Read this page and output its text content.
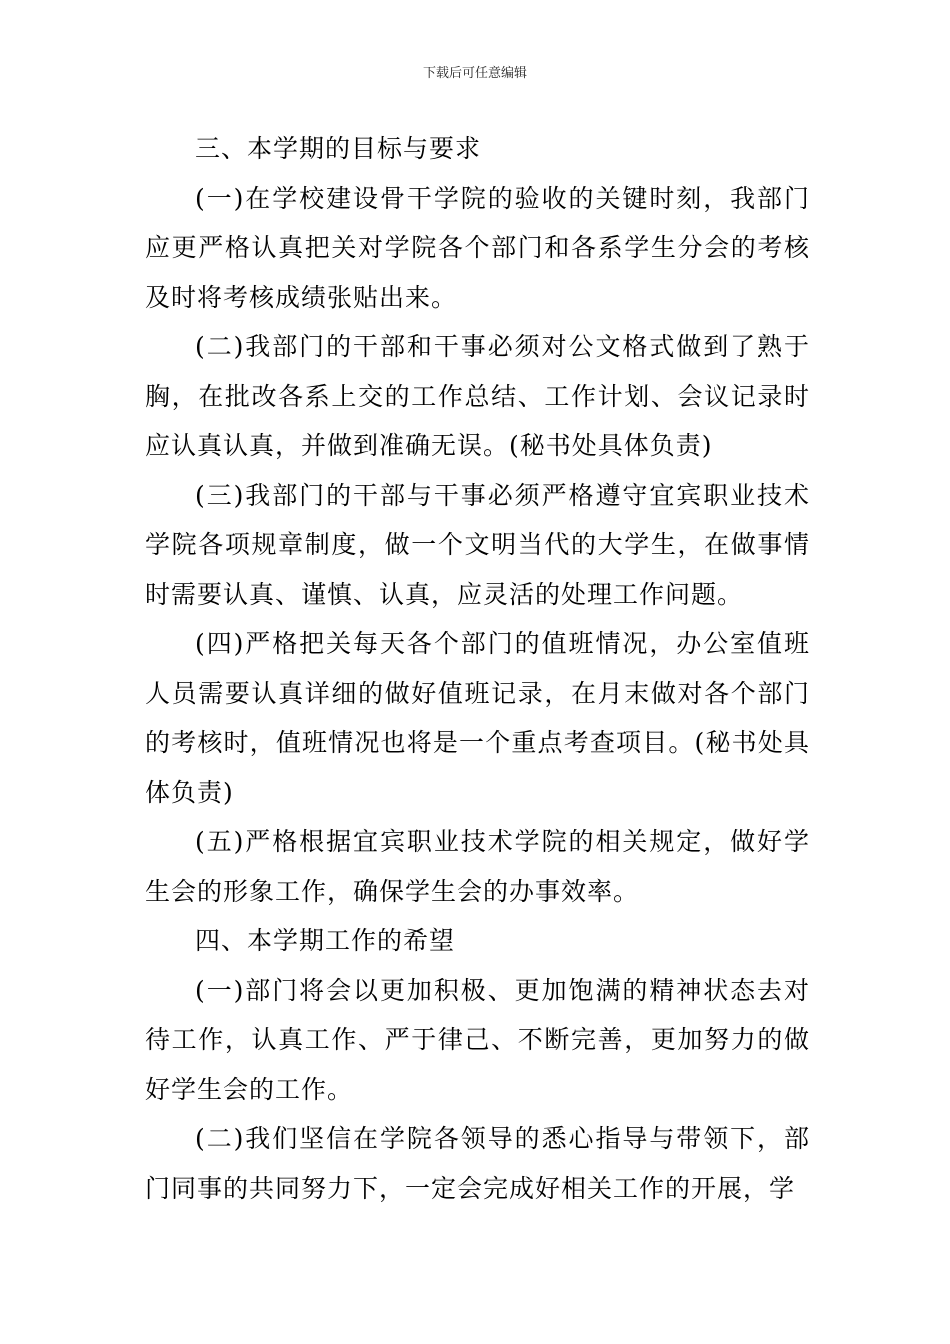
下载后可任意编辑

三、本学期的目标与要求

(一)在学校建设骨干学院的验收的关键时刻，我部门应更严格认真把关对学院各个部门和各系学生分会的考核及时将考核成绩张贴出来。

(二)我部门的干部和干事必须对公文格式做到了熟于胸，在批改各系上交的工作总结、工作计划、会议记录时应认真认真，并做到准确无误。(秘书处具体负责)

(三)我部门的干部与干事必须严格遵守宜宾职业技术学院各项规章制度，做一个文明当代的大学生，在做事情时需要认真、谨慎、认真，应灵活的处理工作问题。

(四)严格把关每天各个部门的值班情况，办公室值班人员需要认真详细的做好值班记录，在月末做对各个部门的考核时，值班情况也将是一个重点考查项目。(秘书处具体负责)

(五)严格根据宜宾职业技术学院的相关规定，做好学生会的形象工作，确保学生会的办事效率。

四、本学期工作的希望

(一)部门将会以更加积极、更加饱满的精神状态去对待工作，认真工作、严于律己、不断完善，更加努力的做好学生会的工作。

(二)我们坚信在学院各领导的悉心指导与带领下，部门同事的共同努力下，一定会完成好相关工作的开展，学
